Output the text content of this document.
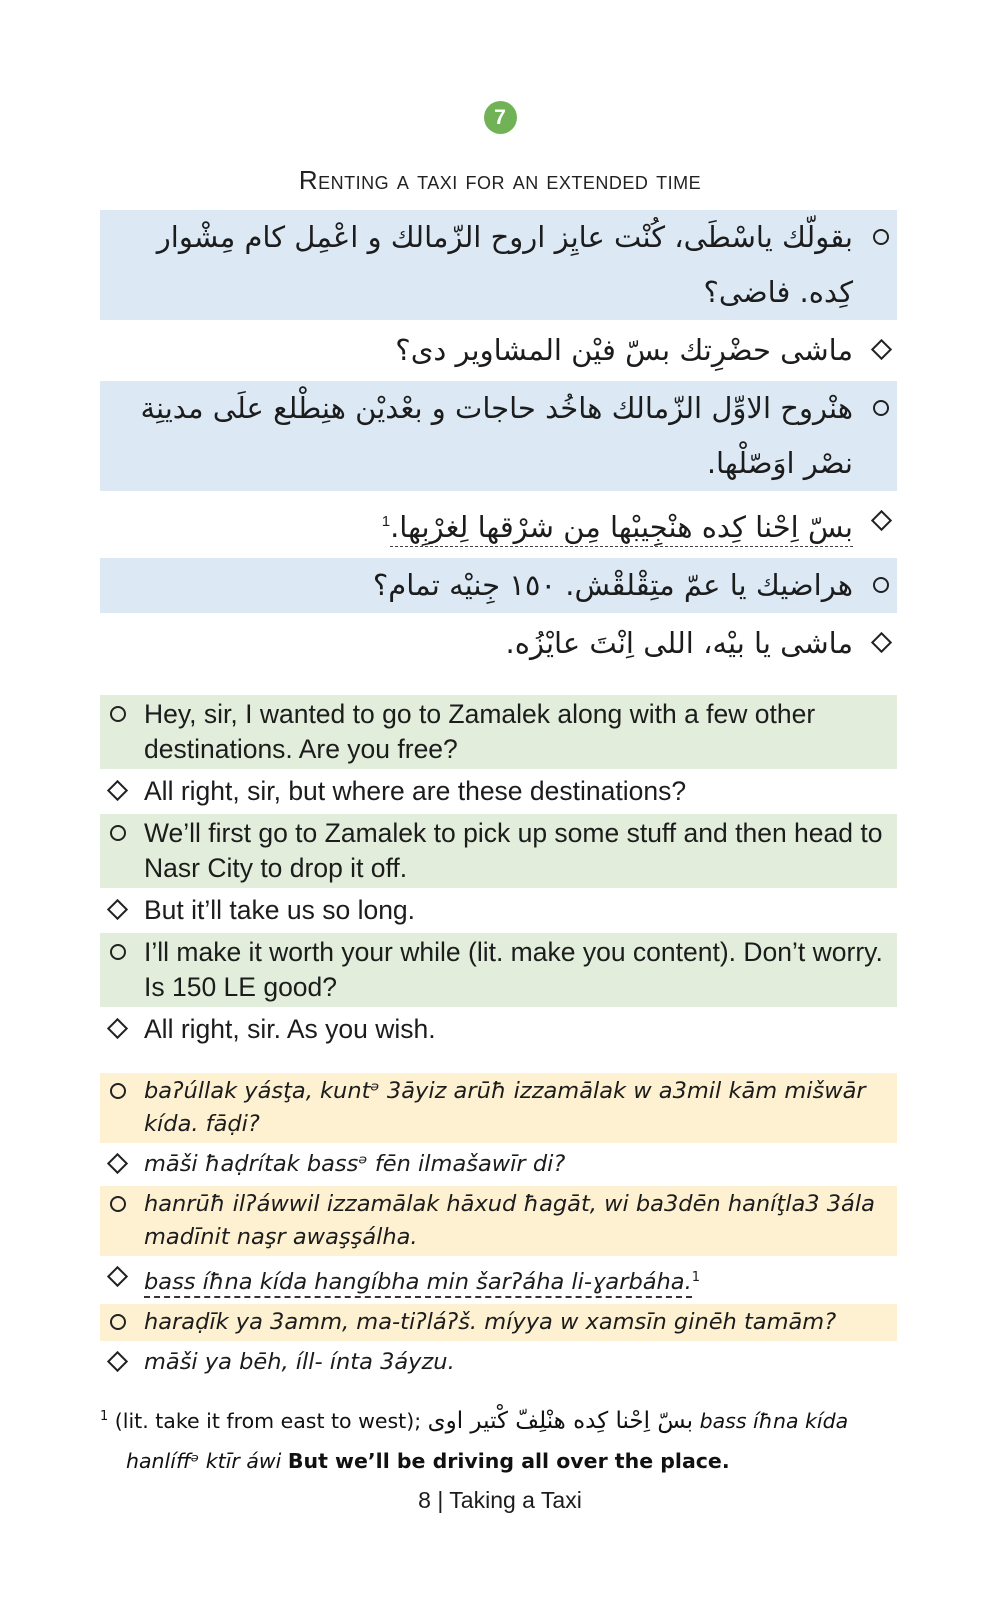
7
Renting a taxi for an extended time
بقولّك ياسْطَى، كُنْت عايِز اروح الزّمالك و اعْمِل كام مِشْوار كِده. فاضى؟
ماشى حضْرِتك بسّ فيْن المشاوير دى؟
هنْروح الاوِّل الزّمالك هاخُد حاجات و بعْديْن هنِطْلع علَى مدينِة نصْر اوَصّلْها.
بسّ اِحْنا كِده هنْجِيبْها مِن شرْقها لِغرْبِها.$^1$
هراضيك يا عمّ متِقْلقْش. ١٥٠ جِنيْه تمام؟
ماشى يا بيْه، اللى اِنْتَ عايْزُه.
Hey, sir, I wanted to go to Zamalek along with a few other destinations. Are you free?
All right, sir, but where are these destinations?
We’ll first go to Zamalek to pick up some stuff and then head to Nasr City to drop it off.
But it’ll take us so long.
I’ll make it worth your while (lit. make you content). Don’t worry. Is 150 LE good?
All right, sir. As you wish.
baʔúllak yásţa, kuntᵊ 3āyiz arūħ izzamālak w a3mil kām mišwār kída. fāḍi?
māši ħaḍrítak bassᵊ fēn ilmašawīr di?
hanrūħ ilʔáwwil izzamālak hāxud ħagāt, wi ba3dēn haníţla3 3ála madīnit naşr awaşşálha.
bass íħna kída hangíbha min šarʔáha li-ɣarbáha.$^1$
haraḍīk ya 3amm, ma-tiʔláʔš. míyya w xamsīn ginēh tamām?
māši ya bēh, íll- ínta 3áyzu.
$^1$ (lit. take it from east to west); بسّ اِحْنا كِده هنْلِفّ كْتير اوى bass íħna kída hanlíffᵊ ktīr áwi But we’ll be driving all over the place.
8 | Taking a Taxi
